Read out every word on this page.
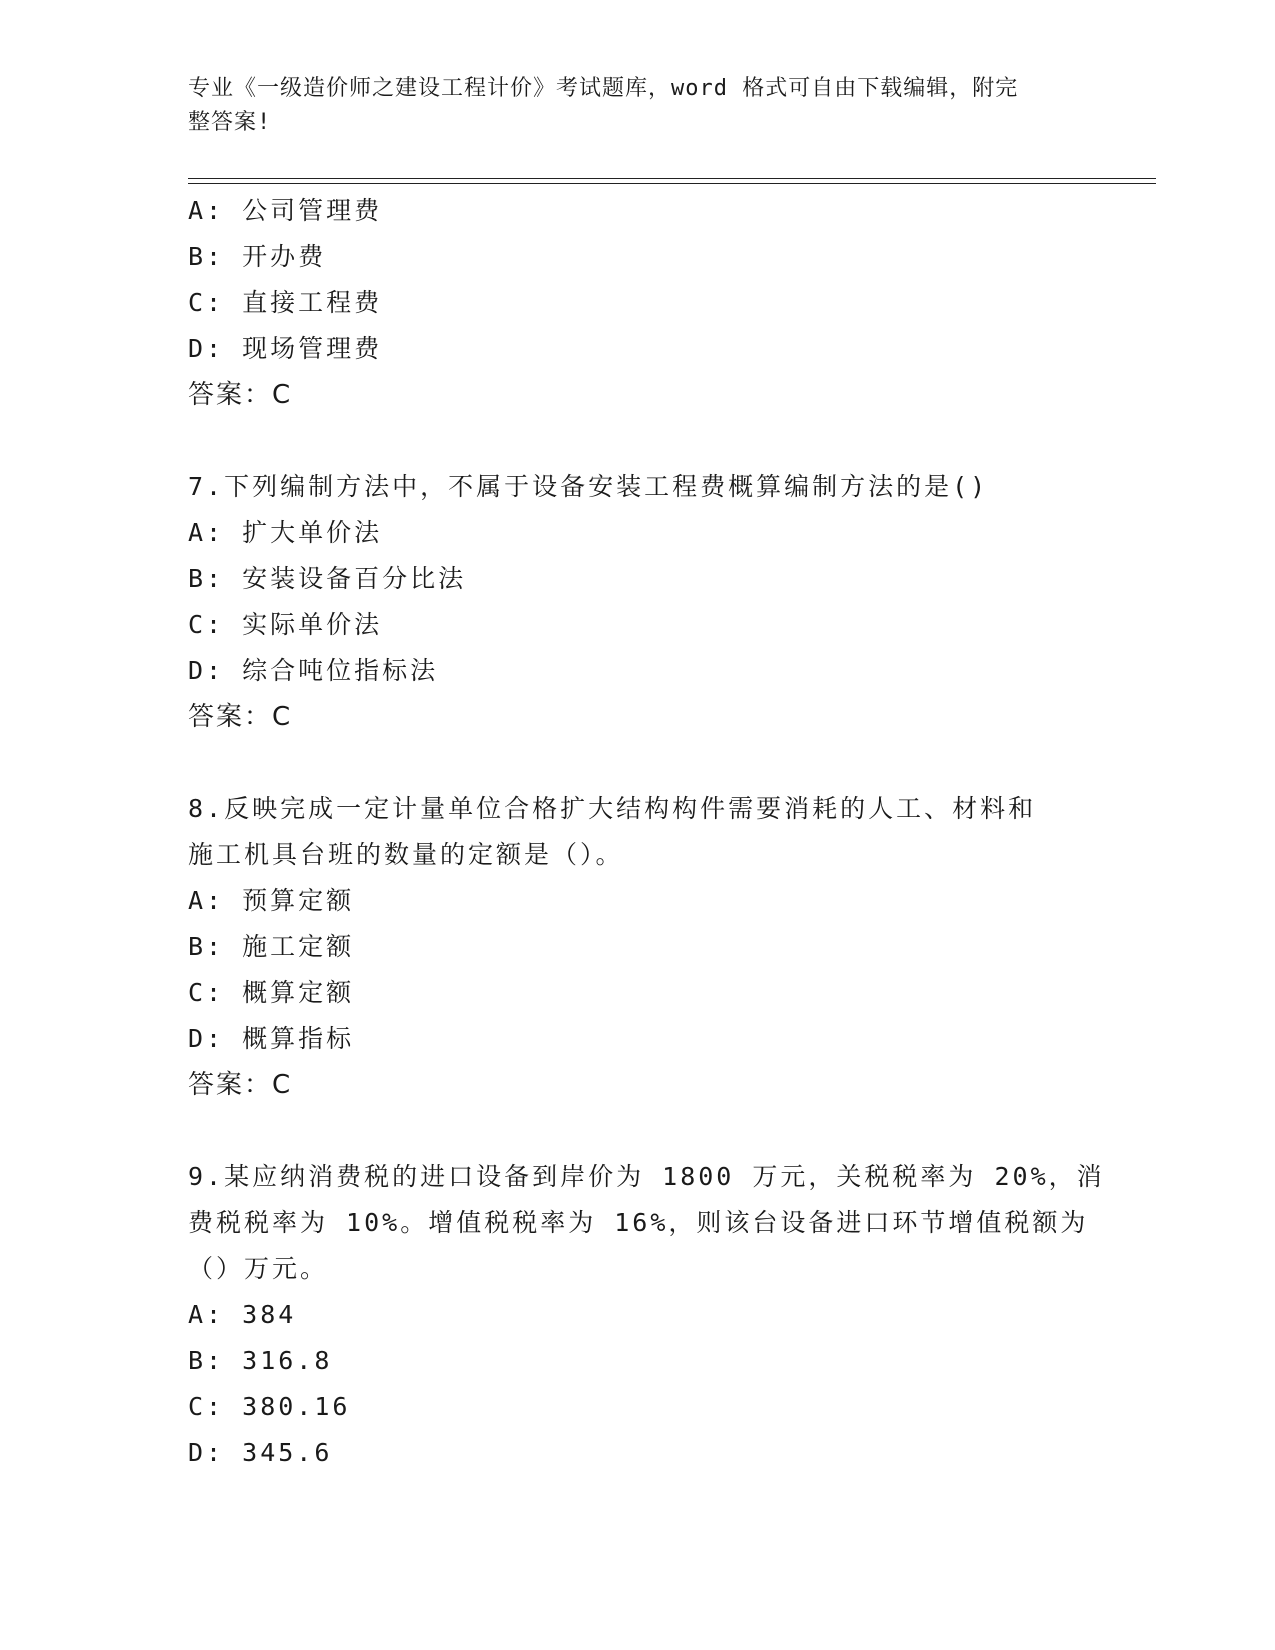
专业《一级造价师之建设工程计价》考试题库，word 格式可自由下载编辑，附完
整答案!
A: 公司管理费
B: 开办费
C: 直接工程费
D: 现场管理费
答案：C
7.下列编制方法中，不属于设备安装工程费概算编制方法的是()
A: 扩大单价法
B: 安装设备百分比法
C: 实际单价法
D: 综合吨位指标法
答案：C
8.反映完成一定计量单位合格扩大结构构件需要消耗的人工、材料和
施工机具台班的数量的定额是（）。
A: 预算定额
B: 施工定额
C: 概算定额
D: 概算指标
答案：C
9.某应纳消费税的进口设备到岸价为 1800 万元，关税税率为 20%，消
费税税率为 10%。增值税税率为 16%，则该台设备进口环节增值税额为
（）万元。
A: 384
B: 316.8
C: 380.16
D: 345.6
